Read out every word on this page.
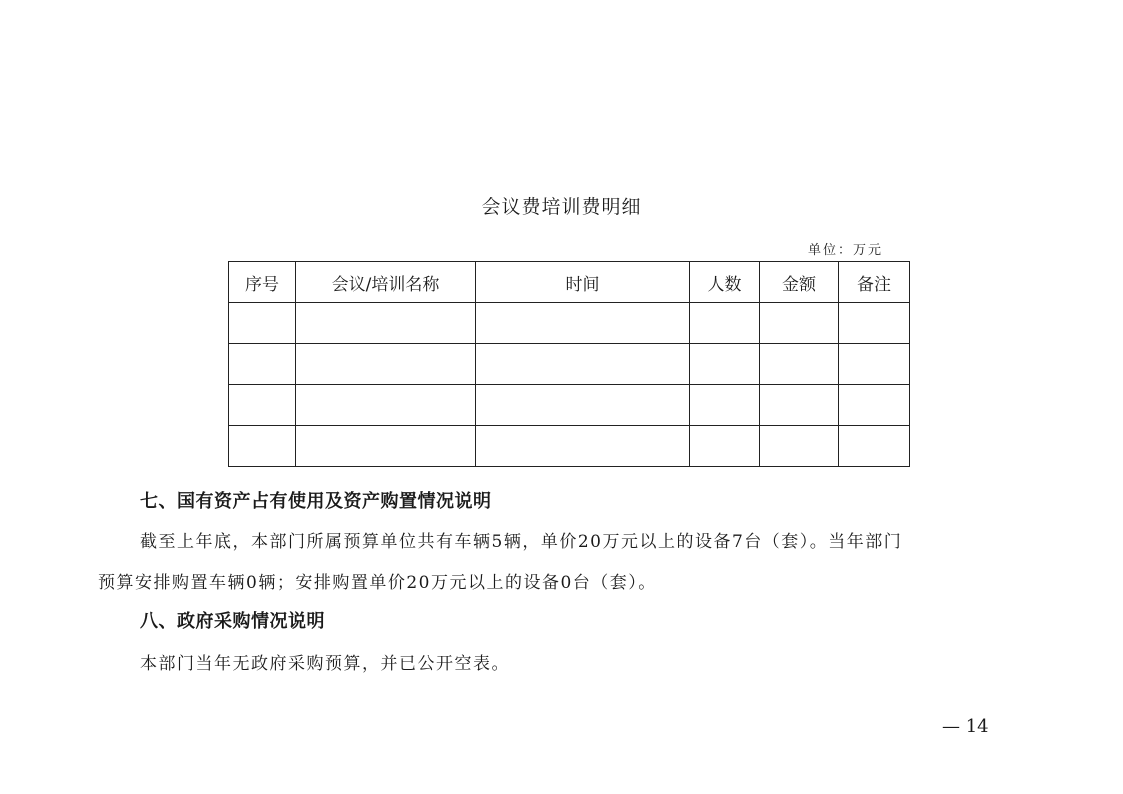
会议费培训费明细
单位：万元
序号	会议/培训名称	时间	人数	金额	备注

七、国有资产占有使用及资产购置情况说明
截至上年底，本部门所属预算单位共有车辆5辆，单价20万元以上的设备7台（套）。当年部门
预算安排购置车辆0辆；安排购置单价20万元以上的设备0台（套）。
八、政府采购情况说明
本部门当年无政府采购预算，并已公开空表。
— 14
